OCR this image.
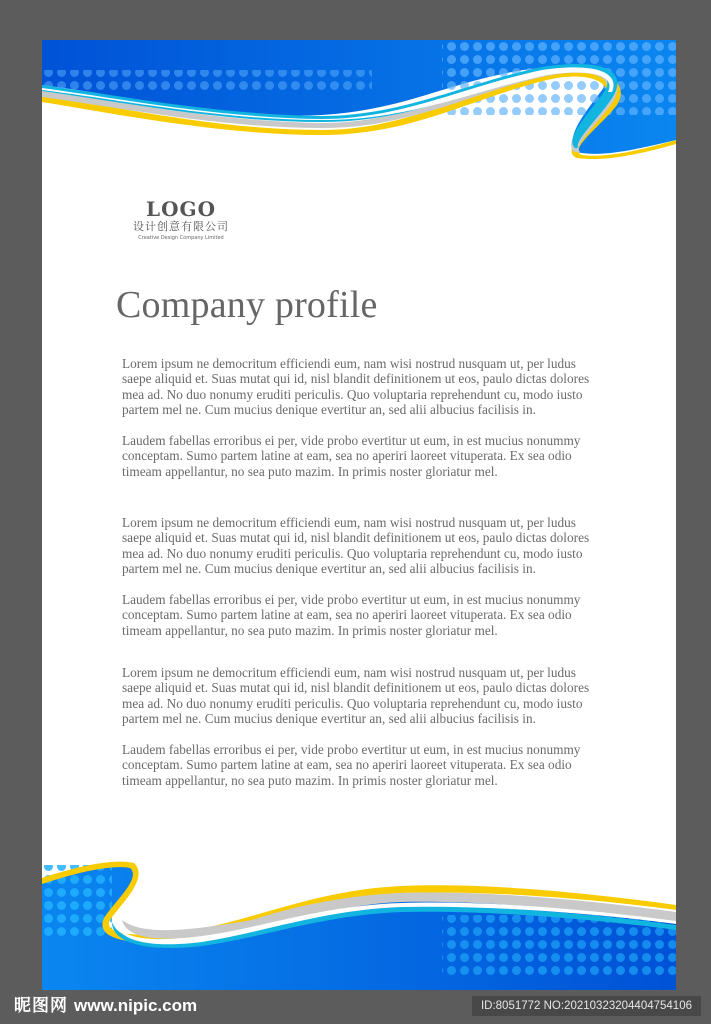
LOGO
设计创意有限公司
Creative Design Company Limited
Company profile

Lorem ipsum ne democritum efficiendi eum, nam wisi nostrud nusquam ut, per ludus saepe aliquid et. Suas mutat qui id, nisl blandit definitionem ut eos, paulo dictas dolores mea ad. No duo nonumy eruditi periculis. Quo voluptaria reprehendunt cu, modo iusto partem mel ne. Cum mucius denique evertitur an, sed alii albucius facilisis in.

Laudem fabellas erroribus ei per, vide probo evertitur ut eum, in est mucius nonummy conceptam. Sumo partem latine at eam, sea no aperiri laoreet vituperata. Ex sea odio timeam appellantur, no sea puto mazim. In primis noster gloriatur mel.

Lorem ipsum ne democritum efficiendi eum, nam wisi nostrud nusquam ut, per ludus saepe aliquid et. Suas mutat qui id, nisl blandit definitionem ut eos, paulo dictas dolores mea ad. No duo nonumy eruditi periculis. Quo voluptaria reprehendunt cu, modo iusto partem mel ne. Cum mucius denique evertitur an, sed alii albucius facilisis in.

Laudem fabellas erroribus ei per, vide probo evertitur ut eum, in est mucius nonummy conceptam. Sumo partem latine at eam, sea no aperiri laoreet vituperata. Ex sea odio timeam appellantur, no sea puto mazim. In primis noster gloriatur mel.

Lorem ipsum ne democritum efficiendi eum, nam wisi nostrud nusquam ut, per ludus saepe aliquid et. Suas mutat qui id, nisl blandit definitionem ut eos, paulo dictas dolores mea ad. No duo nonumy eruditi periculis. Quo voluptaria reprehendunt cu, modo iusto partem mel ne. Cum mucius denique evertitur an, sed alii albucius facilisis in.

Laudem fabellas erroribus ei per, vide probo evertitur ut eum, in est mucius nonummy conceptam. Sumo partem latine at eam, sea no aperiri laoreet vituperata. Ex sea odio timeam appellantur, no sea puto mazim. In primis noster gloriatur mel.

昵图网 www.nipic.com	ID:8051772 NO:20210323204404754106
